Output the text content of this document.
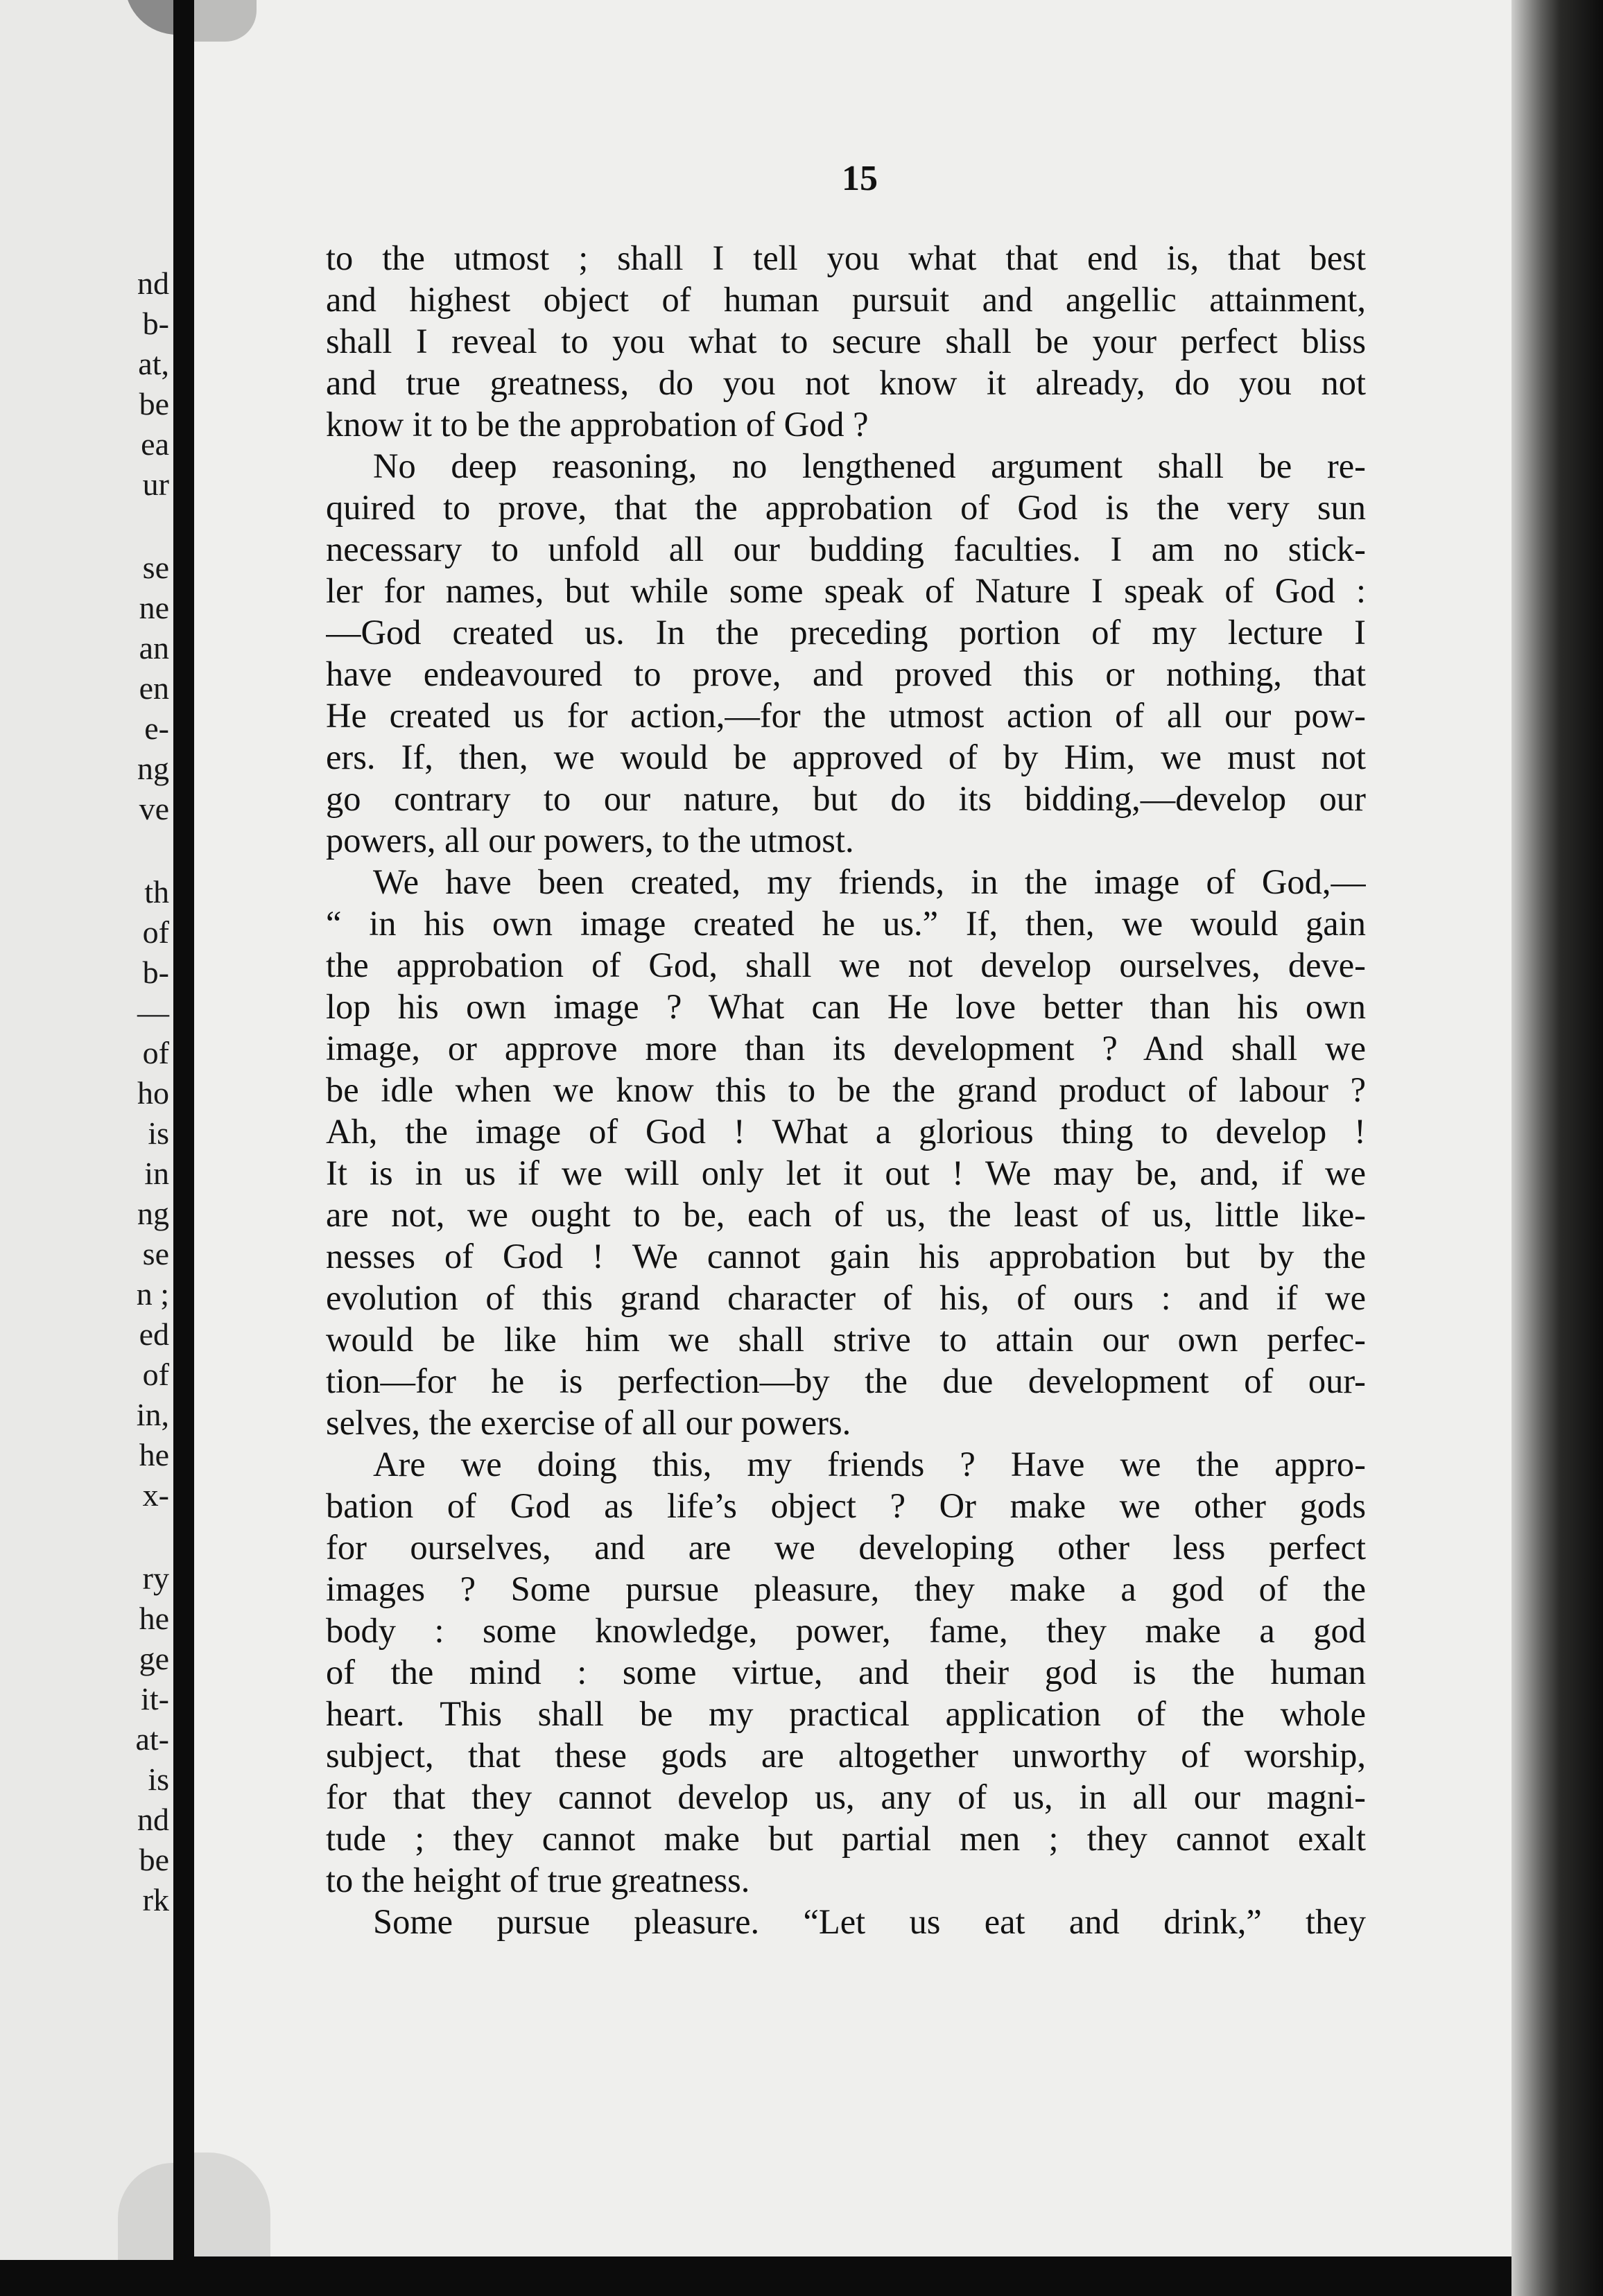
nd
b-
at,
be
ea
ur
se
ne
an
en
e-
ng
ve
th
of
b-
—
of
ho
is
in
ng
se
n ;
ed
of
in,
he
x-
ry
he
ge
it-
at-
is
nd
be
rk

15

to the utmost ; shall I tell you what that end is, that best
and highest object of human pursuit and angellic attainment,
shall I reveal to you what to secure shall be your perfect bliss
and true greatness, do you not know it already, do you not
know it to be the approbation of God ?
No deep reasoning, no lengthened argument shall be re-
quired to prove, that the approbation of God is the very sun
necessary to unfold all our budding faculties. I am no stick-
ler for names, but while some speak of Nature I speak of God :
—God created us. In the preceding portion of my lecture I
have endeavoured to prove, and proved this or nothing, that
He created us for action,—for the utmost action of all our pow-
ers. If, then, we would be approved of by Him, we must not
go contrary to our nature, but do its bidding,—develop our
powers, all our powers, to the utmost.
We have been created, my friends, in the image of God,—
“ in his own image created he us.” If, then, we would gain
the approbation of God, shall we not develop ourselves, deve-
lop his own image ? What can He love better than his own
image, or approve more than its development ? And shall we
be idle when we know this to be the grand product of labour ?
Ah, the image of God ! What a glorious thing to develop !
It is in us if we will only let it out ! We may be, and, if we
are not, we ought to be, each of us, the least of us, little like-
nesses of God ! We cannot gain his approbation but by the
evolution of this grand character of his, of ours : and if we
would be like him we shall strive to attain our own perfec-
tion—for he is perfection—by the due development of our-
selves, the exercise of all our powers.
Are we doing this, my friends ? Have we the appro-
bation of God as life’s object ? Or make we other gods
for ourselves, and are we developing other less perfect
images ? Some pursue pleasure, they make a god of the
body : some knowledge, power, fame, they make a god
of the mind : some virtue, and their god is the human
heart. This shall be my practical application of the whole
subject, that these gods are altogether unworthy of worship,
for that they cannot develop us, any of us, in all our magni-
tude ; they cannot make but partial men ; they cannot exalt
to the height of true greatness.
Some pursue pleasure. “Let us eat and drink,” they
